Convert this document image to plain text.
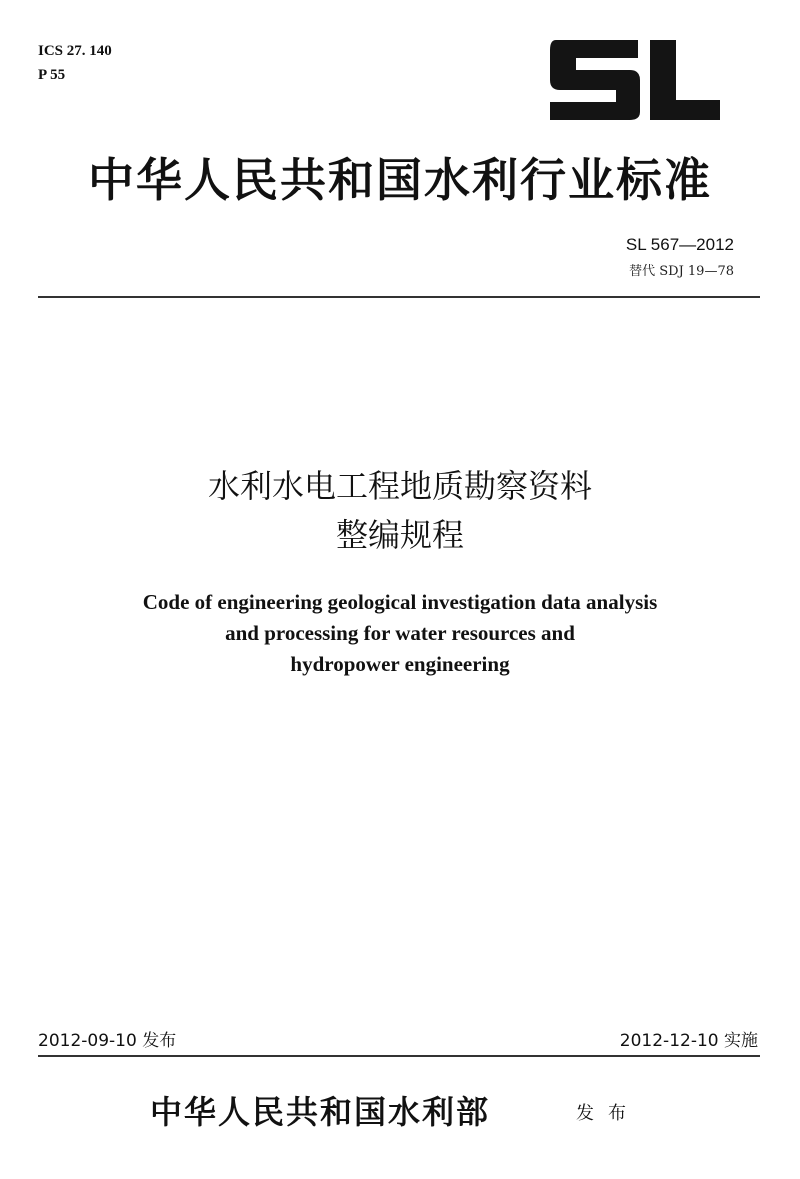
ICS 27. 140
P 55
中华人民共和国水利行业标准
SL 567—2012
替代 SDJ 19—78
水利水电工程地质勘察资料
整编规程
Code of engineering geological investigation data analysis
and processing for water resources and
hydropower engineering
2012-09-10 发布	2012-12-10 实施
中华人民共和国水利部	发布
